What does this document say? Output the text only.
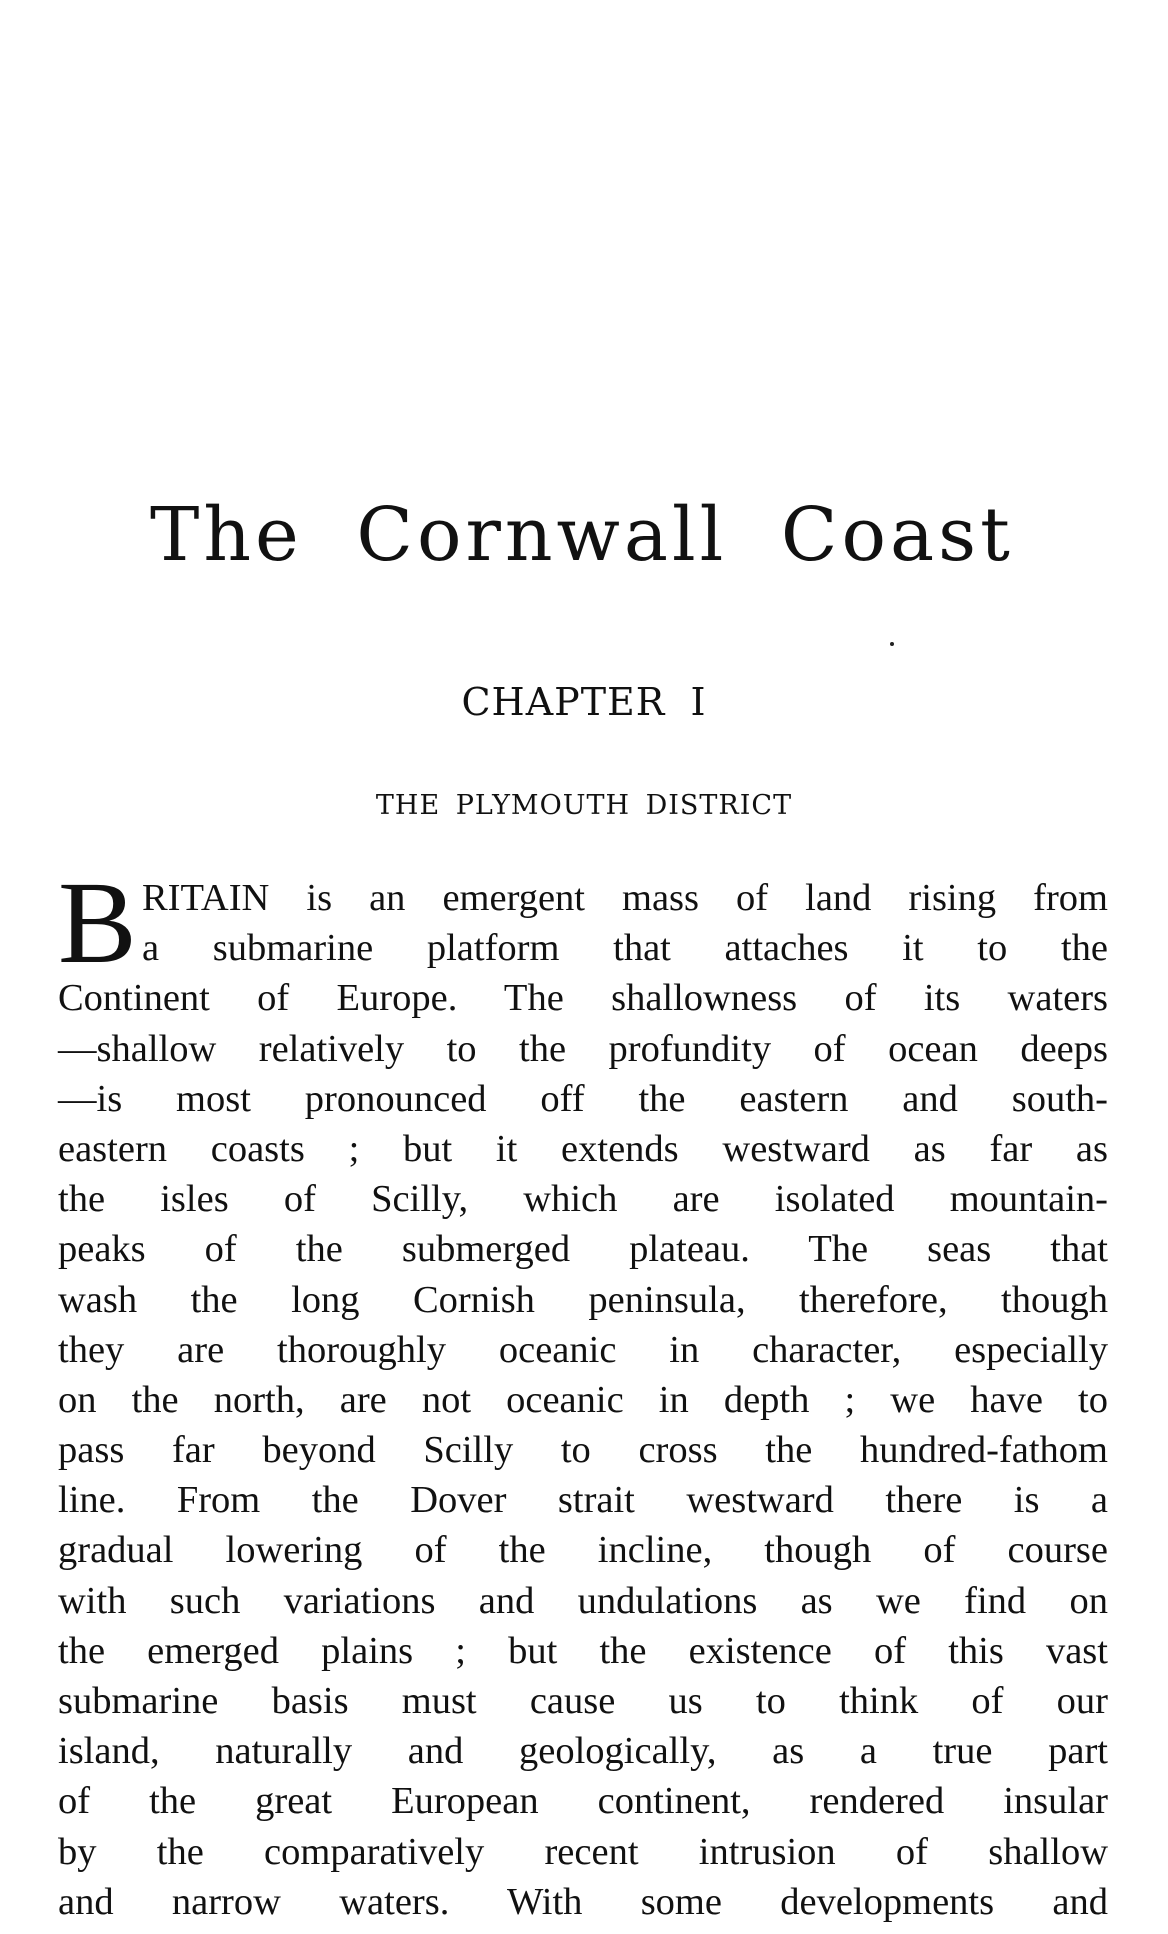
The Cornwall Coast
CHAPTER I
THE PLYMOUTH DISTRICT
B RITAIN is an emergent mass of land rising from
a submarine platform that attaches it to the
Continent of Europe. The shallowness of its waters
—shallow relatively to the profundity of ocean deeps
—is most pronounced off the eastern and south-
eastern coasts ; but it extends westward as far as
the isles of Scilly, which are isolated mountain-
peaks of the submerged plateau. The seas that
wash the long Cornish peninsula, therefore, though
they are thoroughly oceanic in character, especially
on the north, are not oceanic in depth ; we have to
pass far beyond Scilly to cross the hundred-fathom
line. From the Dover strait westward there is a
gradual lowering of the incline, though of course
with such variations and undulations as we find on
the emerged plains ; but the existence of this vast
submarine basis must cause us to think of our
island, naturally and geologically, as a true part
of the great European continent, rendered insular
by the comparatively recent intrusion of shallow
and narrow waters. With some developments and
